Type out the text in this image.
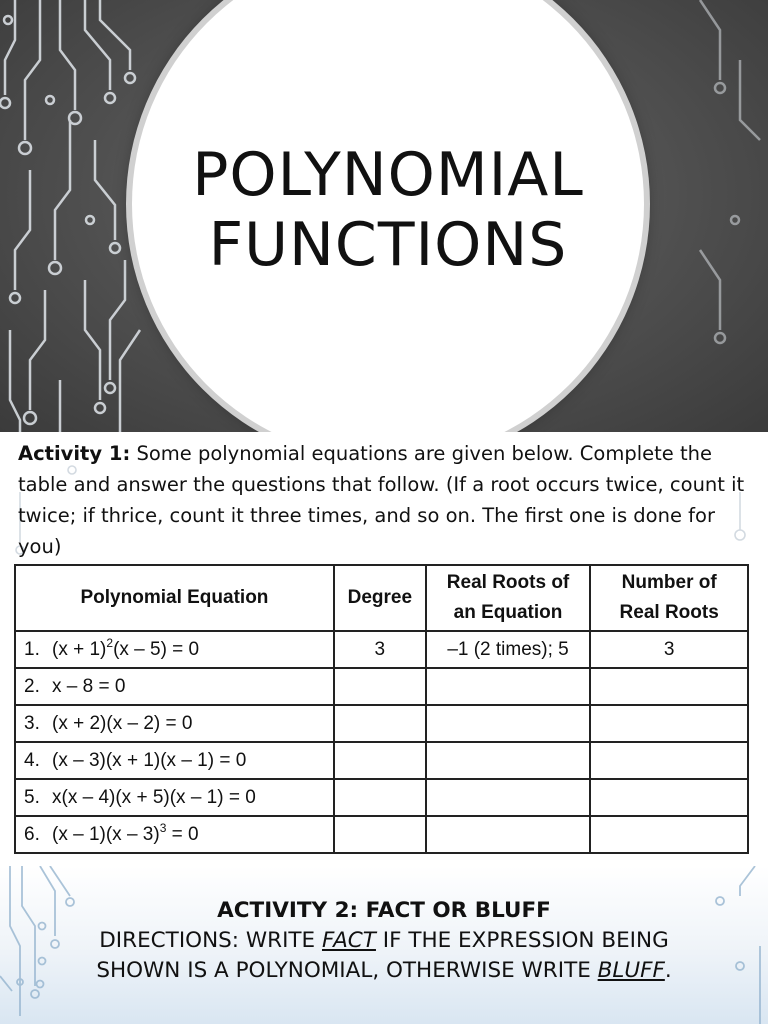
POLYNOMIAL
FUNCTIONS
Activity 1: Some polynomial equations are given below. Complete the table and answer the questions that follow. (If a root occurs twice, count it twice; if thrice, count it three times, and so on. The first one is done for you)
Polynomial Equation	Degree	Real Roots of an Equation	Number of Real Roots
1. $(x + 1)^2(x - 5) = 0$	3	–1 (2 times); 5	3
2. x – 8 = 0			
3. (x + 2)(x – 2) = 0			
4. (x – 3)(x + 1)(x – 1) = 0			
5. x(x – 4)(x + 5)(x – 1) = 0			
6. (x – 1)(x – 3)$^3$ = 0			
ACTIVITY 2: FACT OR BLUFF
DIRECTIONS: WRITE FACT IF THE EXPRESSION BEING
SHOWN IS A POLYNOMIAL, OTHERWISE WRITE BLUFF.
